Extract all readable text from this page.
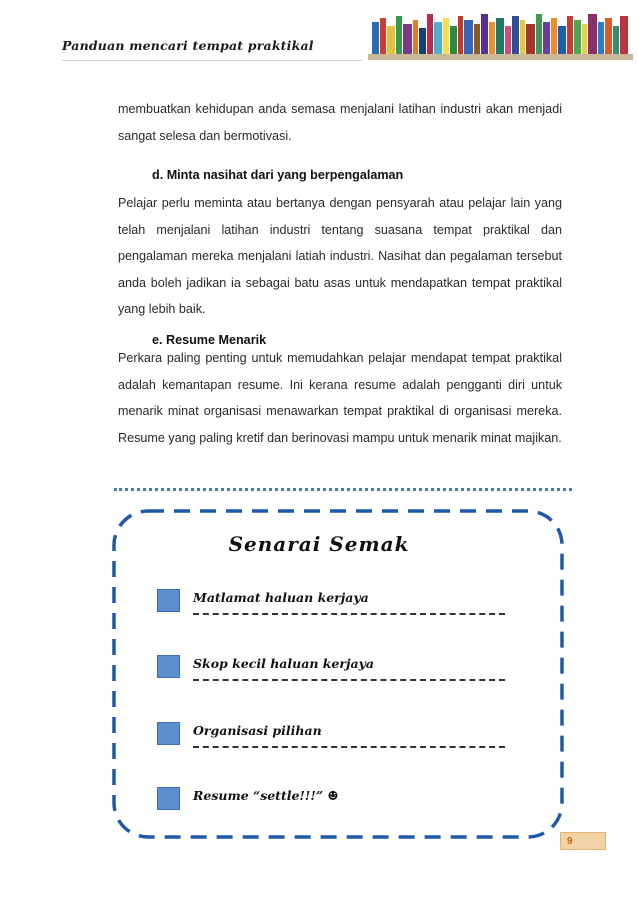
Panduan mencari tempat praktikal

membuatkan kehidupan anda semasa menjalani latihan industri akan menjadi sangat selesa dan bermotivasi.

d. Minta nasihat dari yang berpengalaman

Pelajar perlu meminta atau bertanya dengan pensyarah atau pelajar lain yang telah menjalani latihan industri tentang suasana tempat praktikal dan pengalaman mereka menjalani latiah industri. Nasihat dan pegalaman tersebut anda boleh jadikan ia sebagai batu asas untuk mendapatkan tempat praktikal yang lebih baik.

e. Resume Menarik

Perkara paling penting untuk memudahkan pelajar mendapat tempat praktikal adalah kemantapan resume. Ini kerana resume adalah pengganti diri untuk menarik minat organisasi menawarkan tempat praktikal di organisasi mereka. Resume yang paling kretif dan berinovasi mampu untuk menarik minat majikan.

Senarai Semak
Matlamat haluan kerjaya
Skop kecil haluan kerjaya
Organisasi pilihan
Resume “settle!!!” ☻
9
